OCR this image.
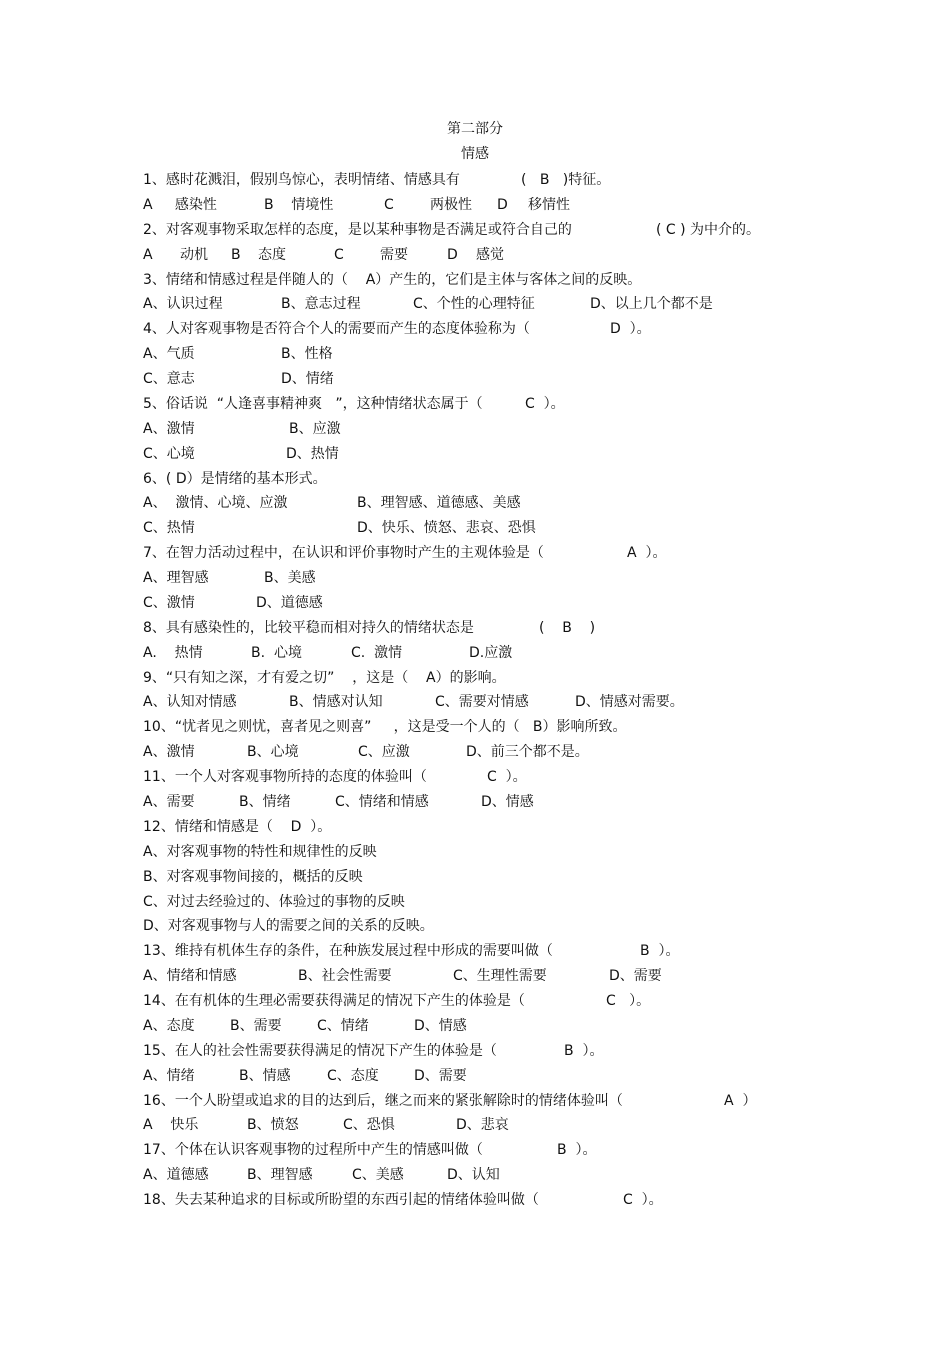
第二部分
情感
1、感时花溅泪，假别鸟惊心，表明情绪、情感具有	(   B   )特征。
A     感染性	B    情境性	C	两极性 D 移情性
2、对客观事物采取怎样的态度，是以某种事物是否满足或符合自己的	( C ) 为中介的。
A 动机 B 态度	C	需要	D 感觉
3、情绪和情感过程是伴随人的（    A）产生的，它们是主体与客体之间的反映。
A、认识过程	B、意志过程	C、个性的心理特征	D、以上几个都不是
4、人对客观事物是否符合个人的需要而产生的态度体验称为（	D  ）。
A、气质	B、性格
C、意志	D、情绪
5、俗话说  “人逢喜事精神爽   ”，这种情绪状态属于（	C  ）。
A、激情	B、应激
C、心境	D、热情
6、( D）是情绪的基本形式。
A、  激情、心境、应激	B、理智感、道德感、美感
C、热情	D、快乐、愤怒、悲哀、恐惧
7、在智力活动过程中，在认识和评价事物时产生的主观体验是（	A  ）。
A、理智感	B、美感
C、激情	D、道德感
8、具有感染性的，比较平稳而相对持久的情绪状态是	(    B    )
A.    热情	B.  心境	C.  激情	D.应激
9、“只有知之深，才有爱之切”    ，这是（    A）的影响。
A、认知对情感	B、情感对认知	C、需要对情感	D、情感对需要。
10、“忧者见之则忧，喜者见之则喜”     ，这是受一个人的（   B）影响所致。
A、激情	B、心境	C、应激	D、前三个都不是。
11、一个人对客观事物所持的态度的体验叫（	C  ）。
A、需要	B、情绪	C、情绪和情感	D、情感
12、情绪和情感是（    D  ）。
A、对客观事物的特性和规律性的反映
B、对客观事物间接的，概括的反映
C、对过去经验过的、体验过的事物的反映
D、对客观事物与人的需要之间的关系的反映。
13、维持有机体生存的条件，在种族发展过程中形成的需要叫做（	B  ）。
A、情绪和情感	B、社会性需要	C、生理性需要	D、需要
14、在有机体的生理必需要获得满足的情况下产生的体验是（	C   ）。
A、态度	B、需要	C、情绪	D、情感
15、在人的社会性需要获得满足的情况下产生的体验是（	B  ）。
A、情绪	B、情感	C、态度	D、需要
16、一个人盼望或追求的目的达到后，继之而来的紧张解除时的情绪体验叫（	A  ）
A    快乐	B、愤怒	C、恐惧	D、悲哀
17、个体在认识客观事物的过程所中产生的情感叫做（	B  ）。
A、道德感	B、理智感	C、美感	D、认知
18、失去某种追求的目标或所盼望的东西引起的情绪体验叫做（	C  ）。
